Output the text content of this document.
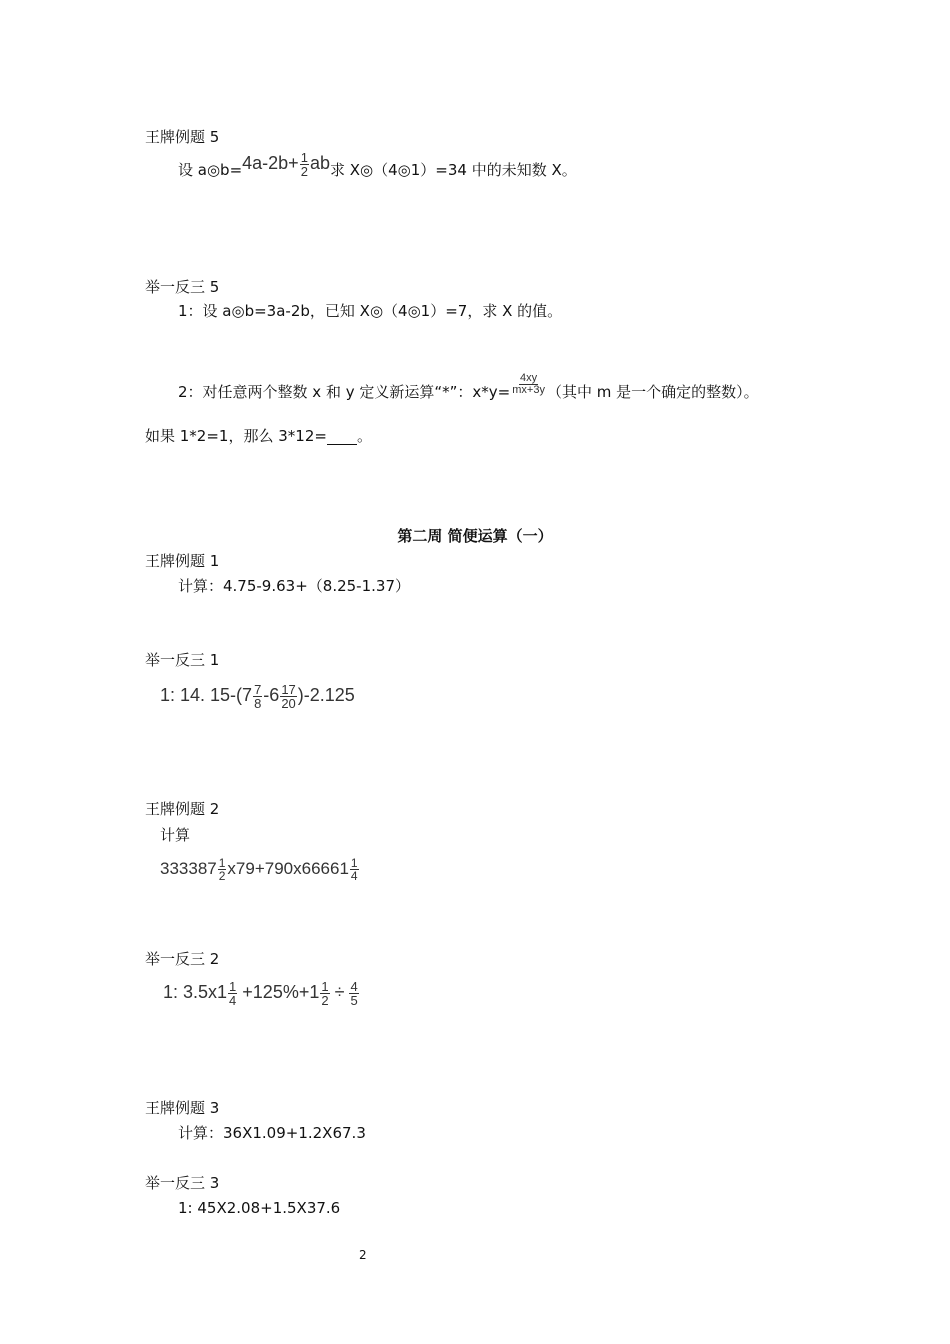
王牌例题 5
设 a◎b= $4a-2b+ \frac{1}{2}$ ab 求 X◎（4◎1）=34 中的未知数 X。
举一反三 5
1：设 a◎b=3a-2b，已知 X◎（4◎1）=7，求 X 的值。
2：对任意两个整数 x 和 y 定义新运算“*”：$x*y= \frac{4xy}{mx+3y}$ （其中 m 是一个确定的整数）。
如果 1*2=1，那么 3*12= 。
第二周 简便运算（一）
王牌例题 1
计算：4.75-9.63+（8.25-1.37）
举一反三 1
1: 14. $15-(7 \frac{7}{8} -6 \frac{17}{20} )-2.125$
王牌例题 2
计算
$333387 \frac{1}{2} x79+790x66661 \frac{1}{4}$
举一反三 2
1: $3.5x1 \frac{1}{4} +125\%+1 \frac{1}{2} \div \frac{4}{5}$
王牌例题 3
计算：36X1.09+1.2X67.3
举一反三 3
1: 45X2.08+1.5X37.6
2
